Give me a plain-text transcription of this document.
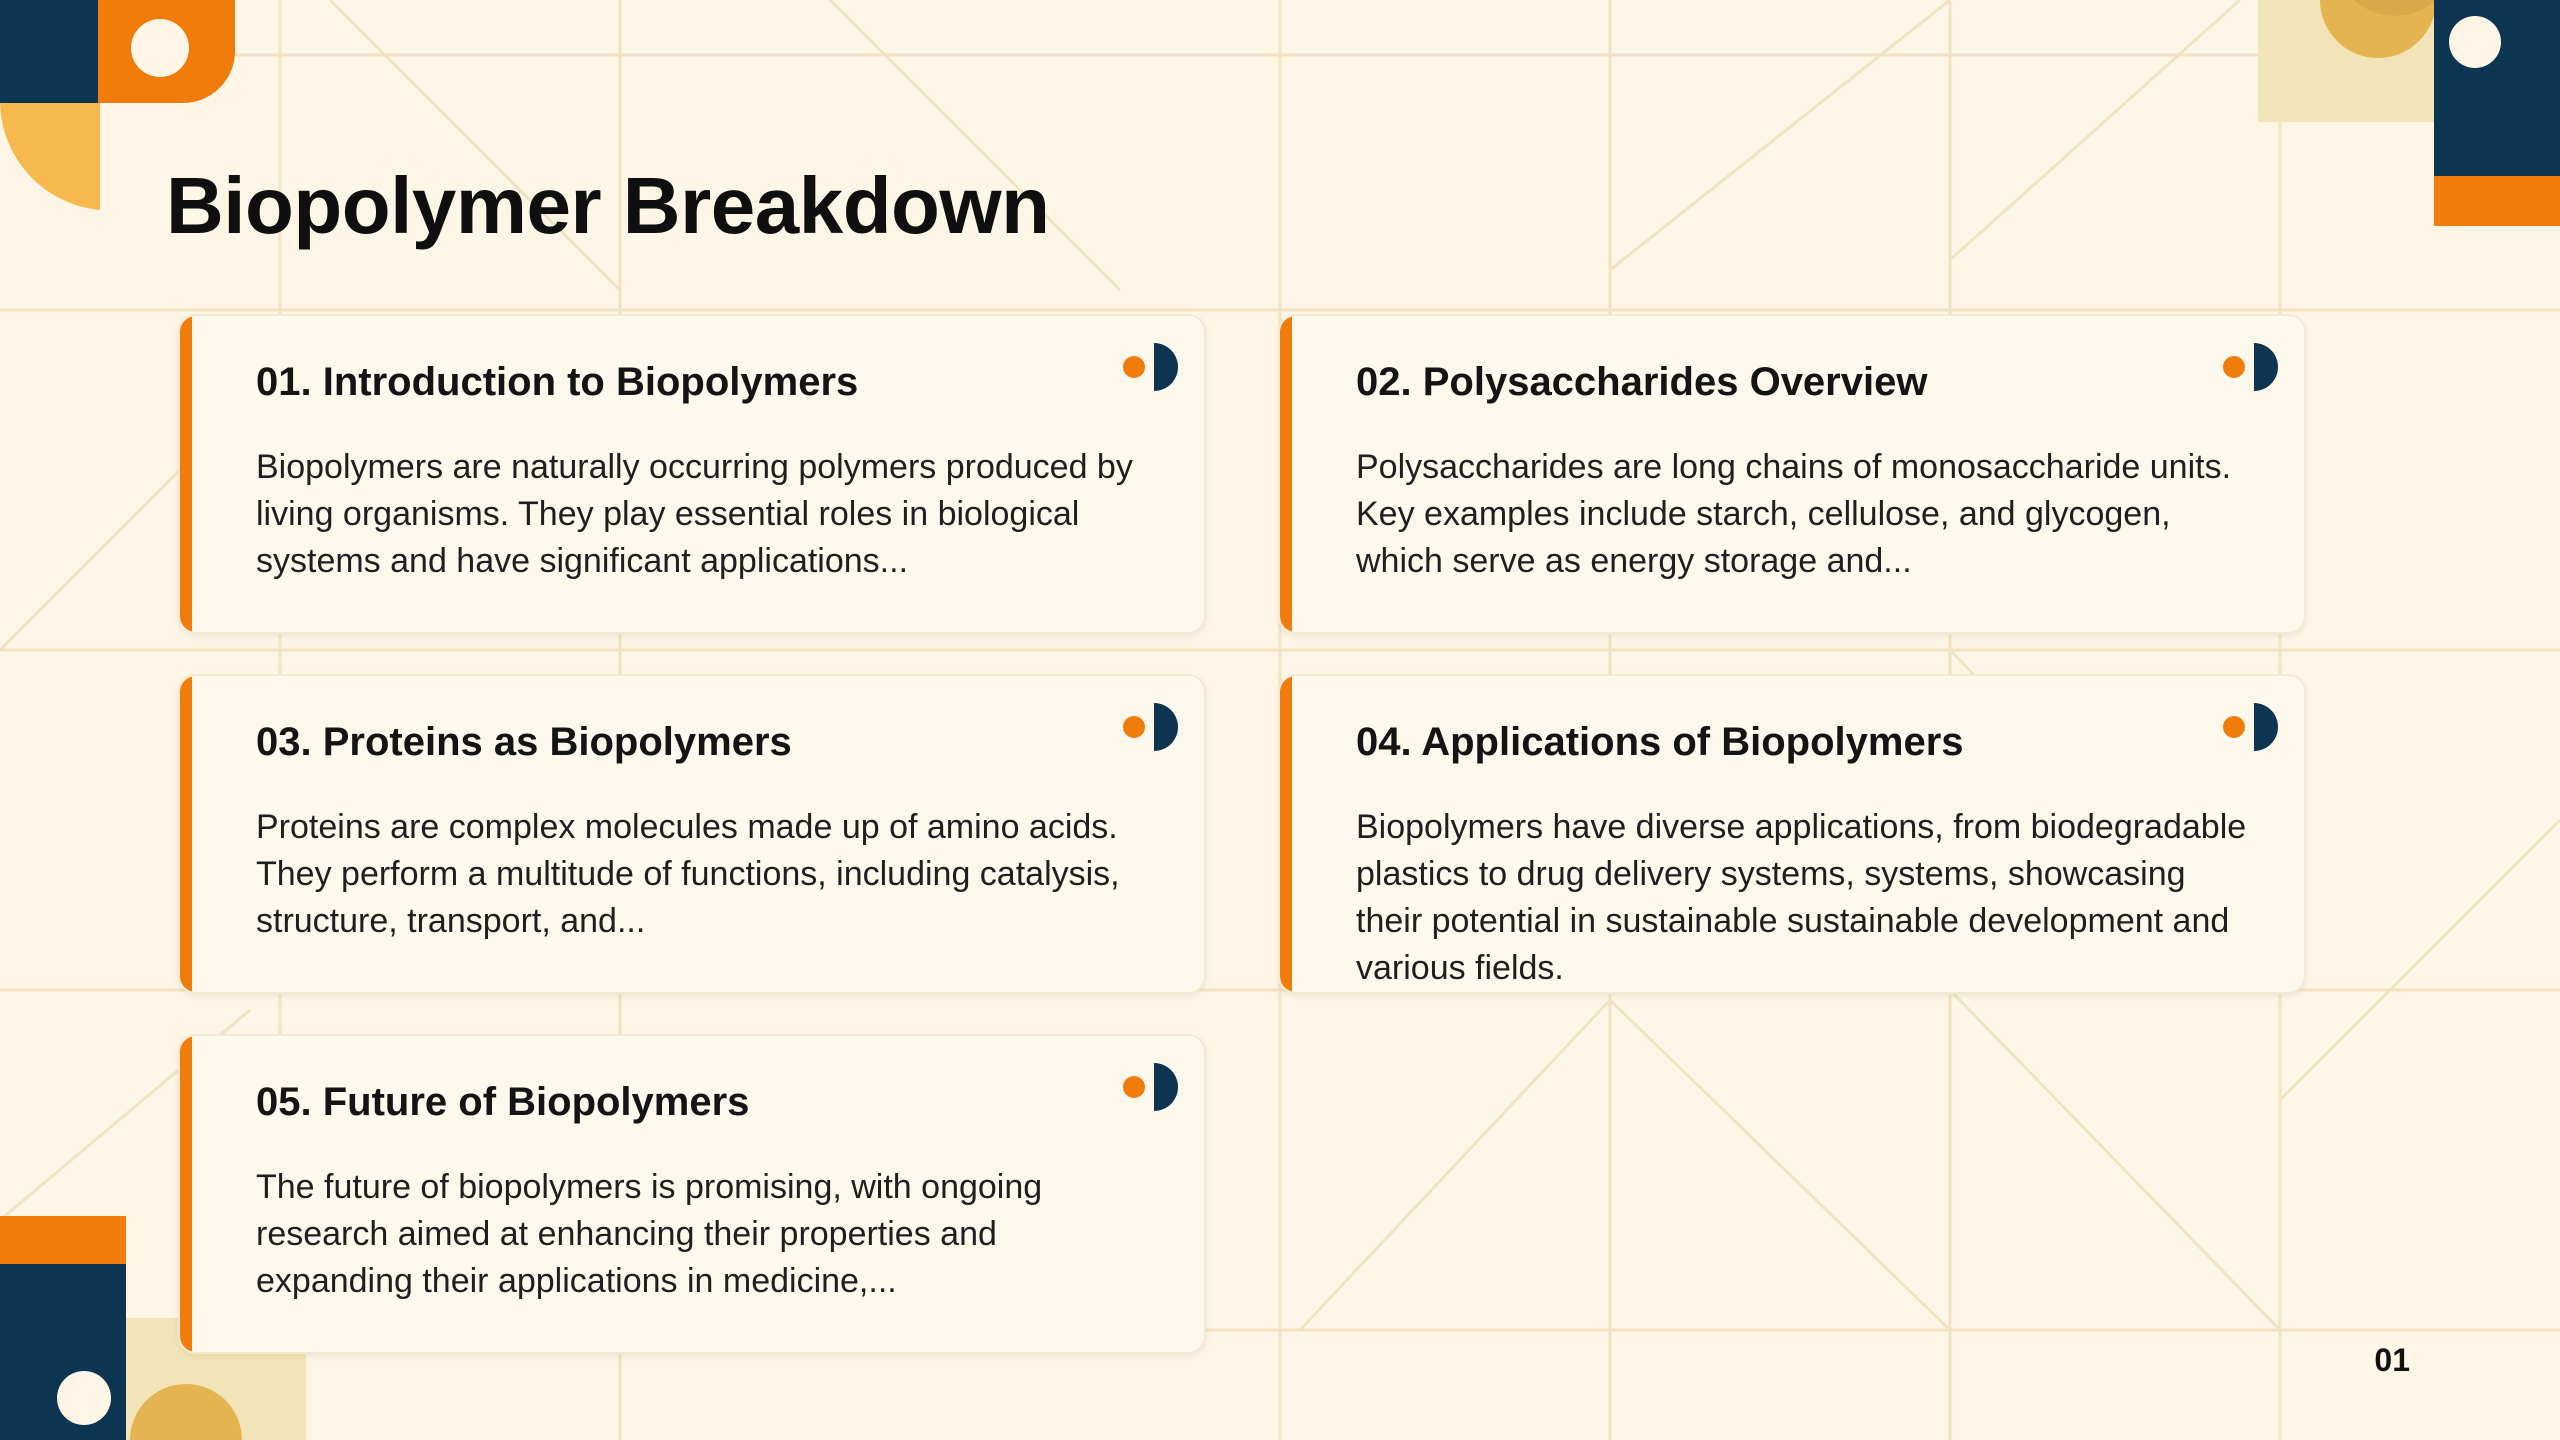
Biopolymer Breakdown
01. Introduction to Biopolymers
Biopolymers are naturally occurring polymers produced by living organisms. They play essential roles in biological systems and have significant applications...
02. Polysaccharides Overview
Polysaccharides are long chains of monosaccharide units. Key examples include starch, cellulose, and glycogen, which serve as energy storage and...
03. Proteins as Biopolymers
Proteins are complex molecules made up of amino acids. They perform a multitude of functions, including catalysis, structure, transport, and...
04. Applications of Biopolymers
Biopolymers have diverse applications, from biodegradable plastics to drug delivery systems, systems, showcasing their potential in sustainable sustainable development and various fields.
05. Future of Biopolymers
The future of biopolymers is promising, with ongoing research aimed at enhancing their properties and expanding their applications in medicine,...
01
